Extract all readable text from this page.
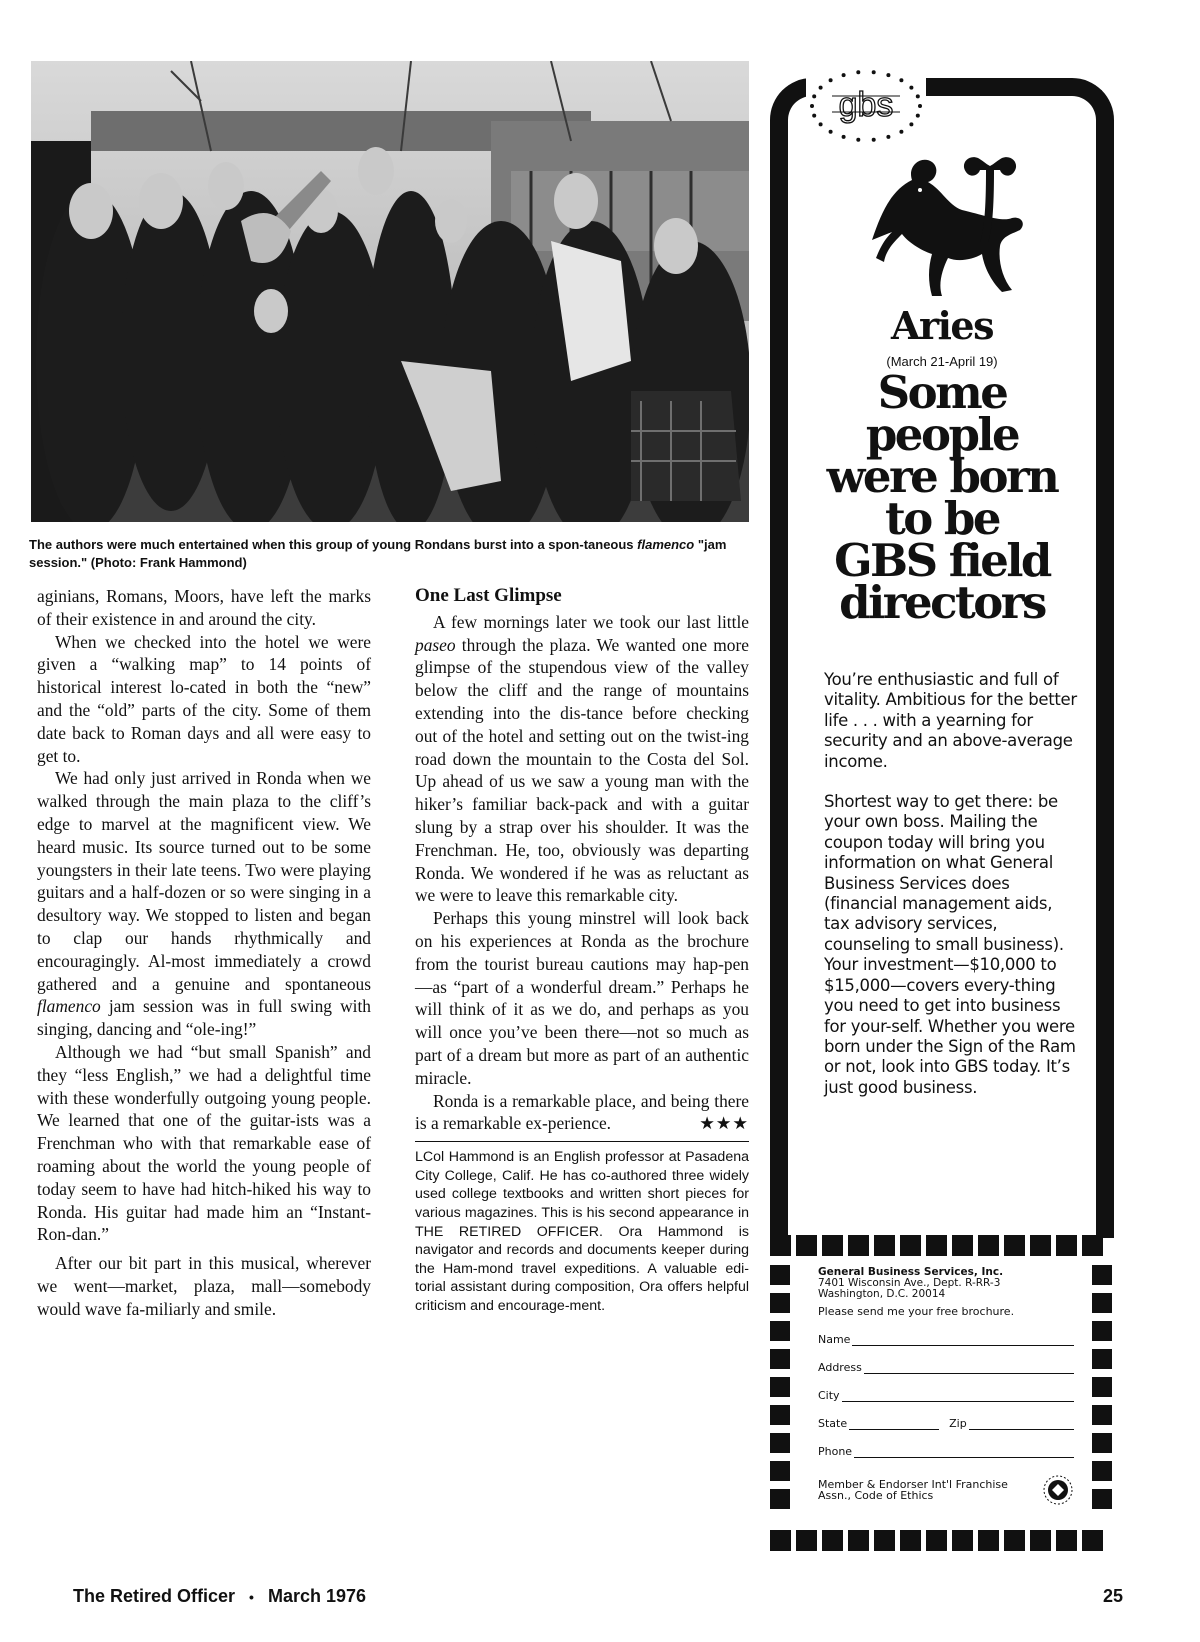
The authors were much entertained when this group of young Rondans burst into a spon-taneous flamenco "jam session." (Photo: Frank Hammond)

aginians, Romans, Moors, have left the marks of their existence in and around the city.

When we checked into the hotel we were given a “walking map” to 14 points of historical interest lo-cated in both the “new” and the “old” parts of the city. Some of them date back to Roman days and all were easy to get to.

We had only just arrived in Ronda when we walked through the main plaza to the cliff’s edge to marvel at the magnificent view. We heard music. Its source turned out to be some youngsters in their late teens. Two were playing guitars and a half-dozen or so were singing in a desultory way. We stopped to listen and began to clap our hands rhythmically and encouragingly. Al-most immediately a crowd gathered and a genuine and spontaneous flamenco jam session was in full swing with singing, dancing and “ole-ing!”

Although we had “but small Spanish” and they “less English,” we had a delightful time with these wonderfully outgoing young people. We learned that one of the guitar-ists was a Frenchman who with that remarkable ease of roaming about the world the young people of today seem to have had hitch-hiked his way to Ronda. His guitar had made him an “Instant-Ron-dan.”

After our bit part in this musical, wherever we went—market, plaza, mall—somebody would wave fa-miliarly and smile.

One Last Glimpse

A few mornings later we took our last little paseo through the plaza. We wanted one more glimpse of the stupendous view of the valley below the cliff and the range of mountains extending into the dis-tance before checking out of the hotel and setting out on the twist-ing road down the mountain to the Costa del Sol. Up ahead of us we saw a young man with the hiker’s familiar back-pack and with a guitar slung by a strap over his shoulder. It was the Frenchman. He, too, obviously was departing Ronda. We wondered if he was as reluctant as we were to leave this remarkable city.

Perhaps this young minstrel will look back on his experiences at Ronda as the brochure from the tourist bureau cautions may hap-pen—as “part of a wonderful dream.” Perhaps he will think of it as we do, and perhaps as you will once you’ve been there—not so much as part of a dream but more as part of an authentic miracle.

Ronda is a remarkable place, and being there is a remarkable ex-perience.	★★★

LCol Hammond is an English professor at Pasadena City College, Calif. He has co-authored three widely used college textbooks and written short pieces for various magazines. This is his second appearance in THE RETIRED OFFICER. Ora Hammond is navigator and records and documents keeper during the Ham-mond travel expeditions. A valuable edi-torial assistant during composition, Ora offers helpful criticism and encourage-ment.
The Retired Officer • March 1976	25
gbs
Aries
(March 21-April 19)
Some
people
were born
to be
GBS field
directors

You’re enthusiastic and full of vitality. Ambitious for the better life . . . with a yearning for security and an above-average income.

Shortest way to get there: be your own boss. Mailing the coupon today will bring you information on what General Business Services does (financial management aids, tax advisory services, counseling to small business). Your investment—$10,000 to $15,000—covers every-thing you need to get into business for your-self. Whether you were born under the Sign of the Ram or not, look into GBS today. It’s just good business.

General Business Services, Inc.
7401 Wisconsin Ave., Dept. R-RR-3
Washington, D.C. 20014
Please send me your free brochure.
Name
Address
City
State	Zip
Phone
Member & Endorser Int'l Franchise
Assn., Code of Ethics
